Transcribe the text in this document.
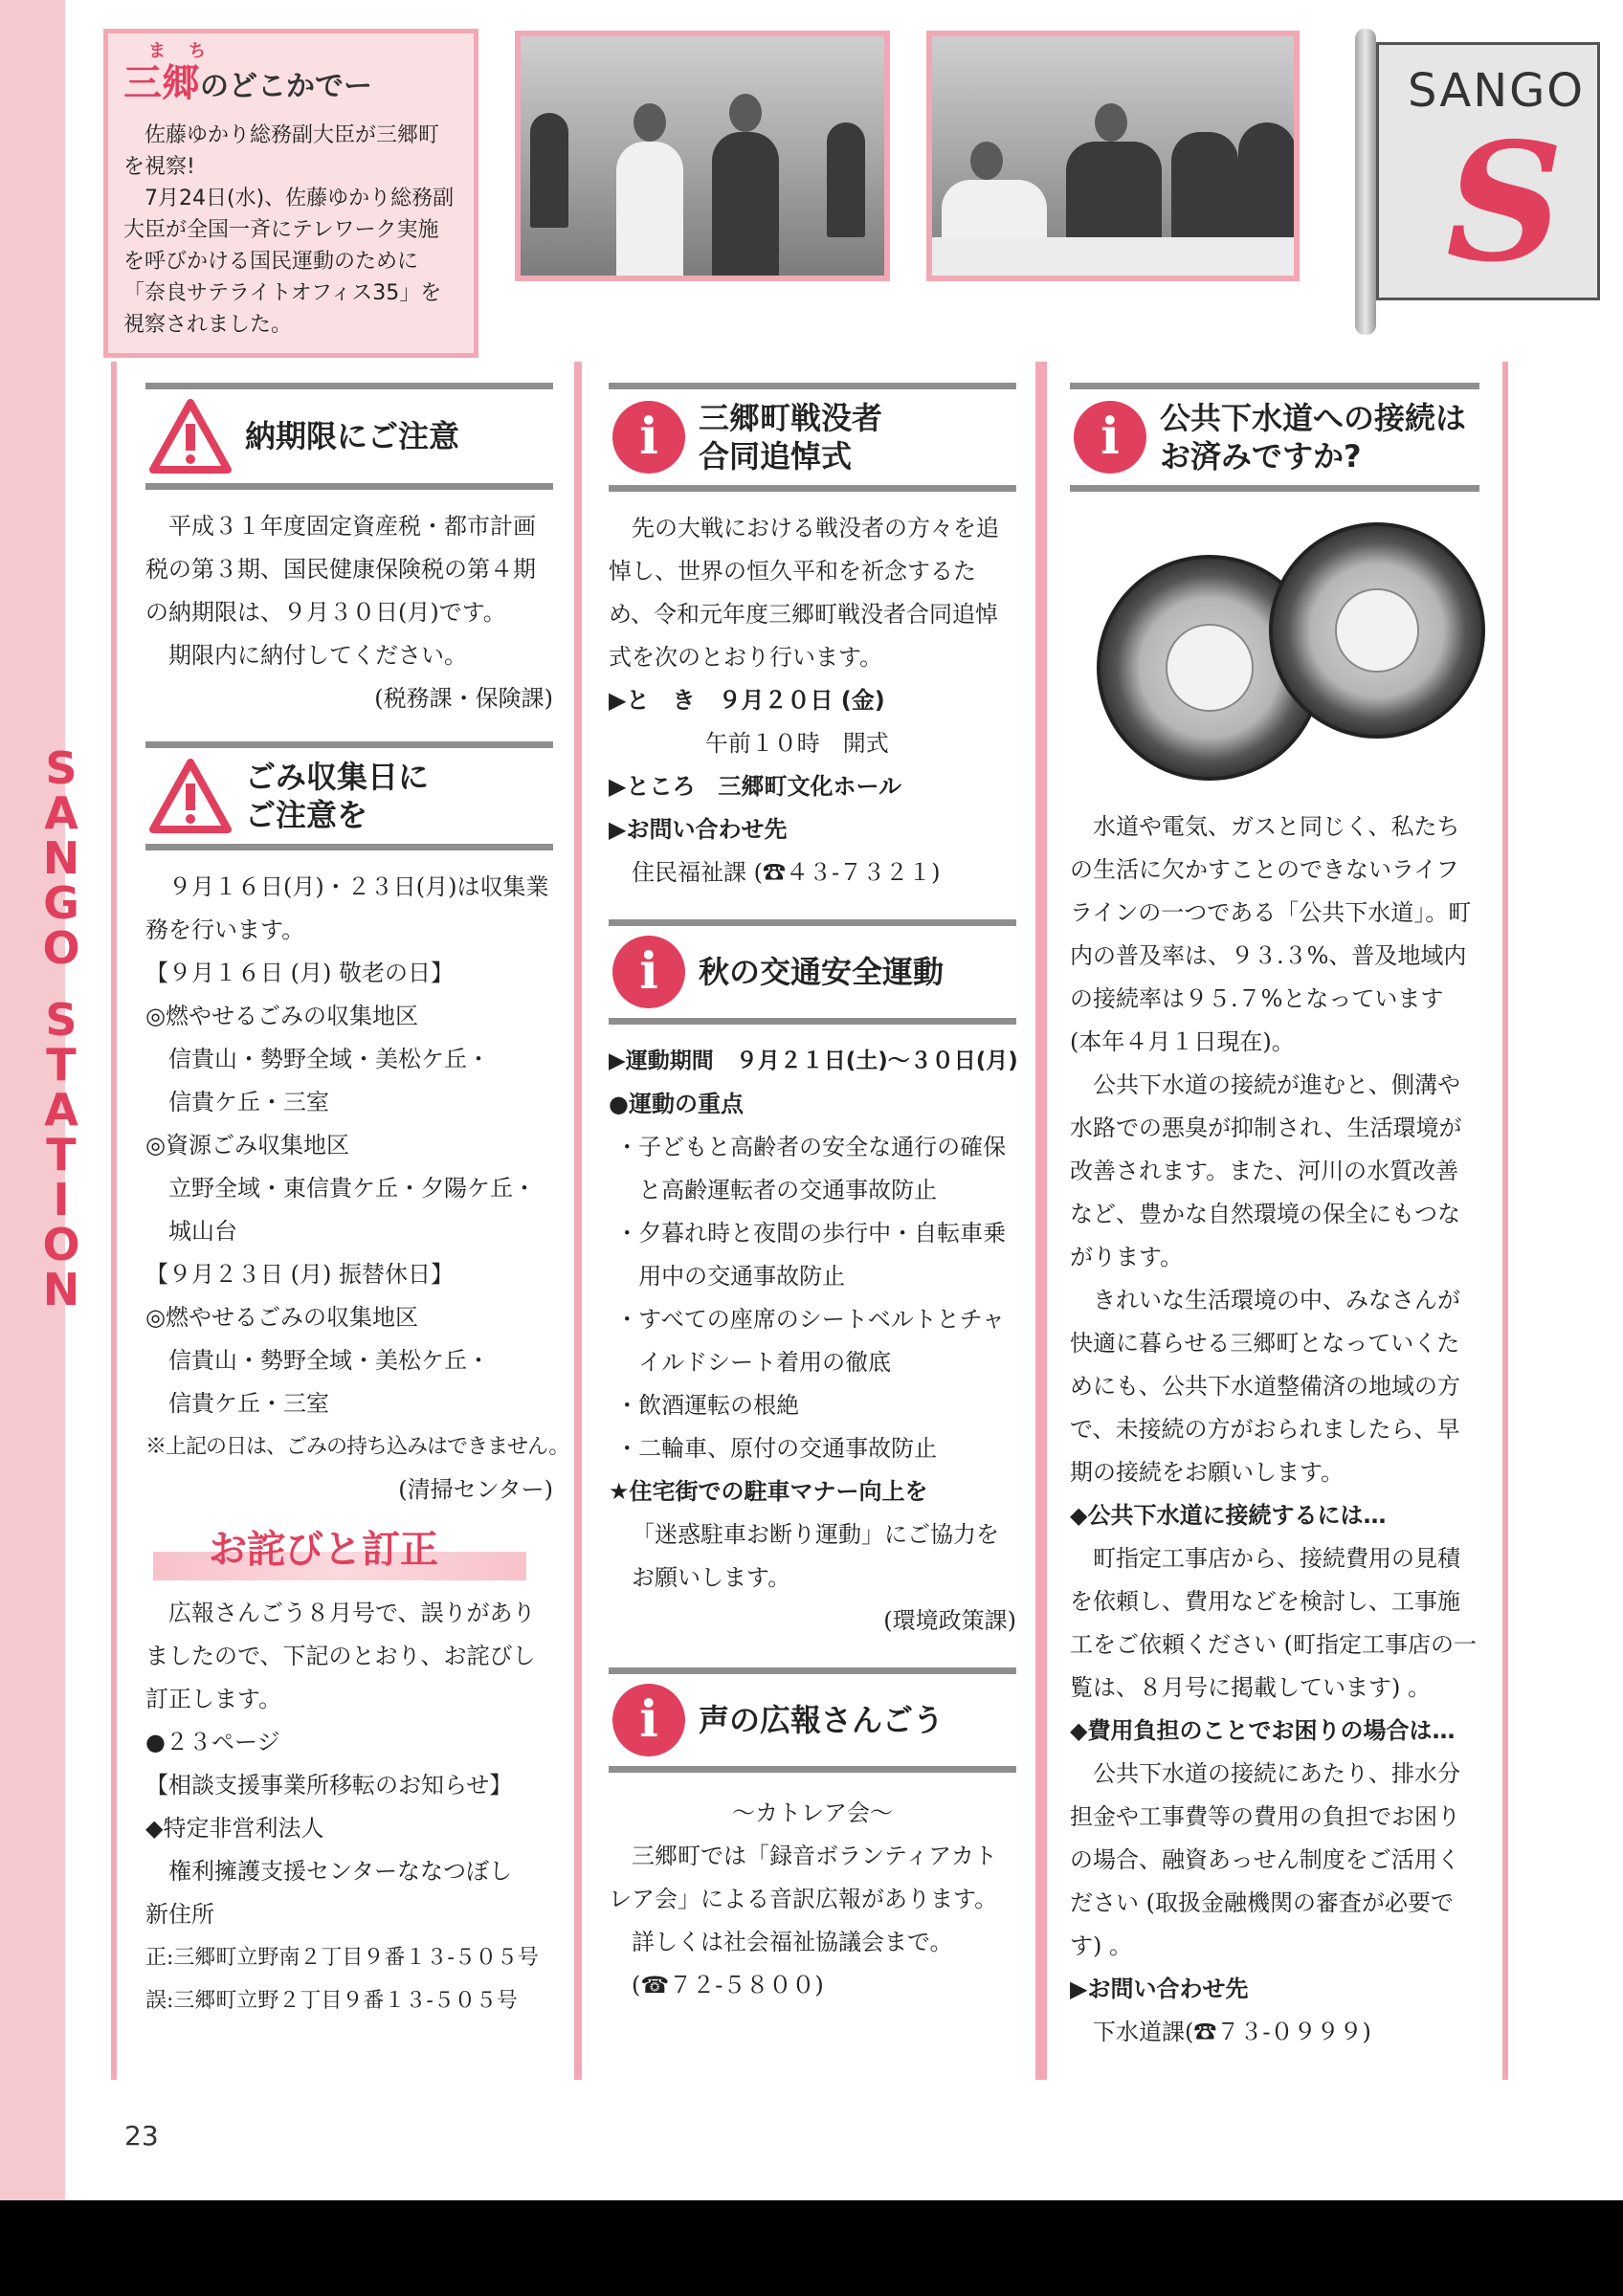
S
A
N
G
O
S
T
A
T
I
O
N
まち
三郷のどこかでー

佐藤ゆかり総務副大臣が三郷町を視察!

7月24日(水)、佐藤ゆかり総務副大臣が全国一斉にテレワーク実施を呼びかける国民運動のために「奈良サテライトオフィス35」を視察されました。

SANGO
S
納期限にご注意
平成３１年度固定資産税・都市計画税の第３期、国民健康保険税の第４期の納期限は、９月３０日(月)です。
期限内に納付してください。
(税務課・保険課)
ごみ収集日に
ご注意を
９月１６日(月)・２３日(月)は収集業務を行います。
【９月１６日 (月) 敬老の日】
◎燃やせるごみの収集地区
信貴山・勢野全域・美松ケ丘・
信貴ケ丘・三室
◎資源ごみ収集地区
立野全域・東信貴ケ丘・夕陽ケ丘・
城山台
【９月２３日 (月) 振替休日】
◎燃やせるごみの収集地区
信貴山・勢野全域・美松ケ丘・
信貴ケ丘・三室
※上記の日は、ごみの持ち込みはできません。
(清掃センター)
お詫びと訂正
広報さんごう８月号で、誤りがありましたので、下記のとおり、お詫びし訂正します。
●２３ページ
【相談支援事業所移転のお知らせ】
◆特定非営利法人
権利擁護支援センターななつぼし
新住所
正:三郷町立野南２丁目９番１３-５０５号
誤:三郷町立野２丁目９番１３-５０５号
i	三郷町戦没者
合同追悼式
先の大戦における戦没者の方々を追悼し、世界の恒久平和を祈念するため、令和元年度三郷町戦没者合同追悼式を次のとおり行います。
▶と　き　９月２０日 (金)
午前１０時　開式
▶ところ　三郷町文化ホール
▶お問い合わせ先
住民福祉課 (☎４３-７３２１)
i	秋の交通安全運動
▶運動期間　９月２１日(土)～３０日(月)
●運動の重点
・子どもと高齢者の安全な通行の確保と高齢運転者の交通事故防止
・夕暮れ時と夜間の歩行中・自転車乗用中の交通事故防止
・すべての座席のシートベルトとチャイルドシート着用の徹底
・飲酒運転の根絶
・二輪車、原付の交通事故防止
★住宅街での駐車マナー向上を
「迷惑駐車お断り運動」にご協力をお願いします。
(環境政策課)
i	声の広報さんごう
～カトレア会～
三郷町では「録音ボランティアカトレア会」による音訳広報があります。
詳しくは社会福祉協議会まで。
(☎７２-５８００)
i	公共下水道への接続は
お済みですか?
水道や電気、ガスと同じく、私たちの生活に欠かすことのできないライフラインの一つである「公共下水道」。町内の普及率は、９３.３%、普及地域内の接続率は９５.７%となっています (本年４月１日現在)。
公共下水道の接続が進むと、側溝や水路での悪臭が抑制され、生活環境が改善されます。また、河川の水質改善など、豊かな自然環境の保全にもつながります。
きれいな生活環境の中、みなさんが快適に暮らせる三郷町となっていくためにも、公共下水道整備済の地域の方で、未接続の方がおられましたら、早期の接続をお願いします。
◆公共下水道に接続するには…
町指定工事店から、接続費用の見積を依頼し、費用などを検討し、工事施工をご依頼ください (町指定工事店の一覧は、８月号に掲載しています) 。
◆費用負担のことでお困りの場合は…
公共下水道の接続にあたり、排水分担金や工事費等の費用の負担でお困りの場合、融資あっせん制度をご活用ください (取扱金融機関の審査が必要です) 。
▶お問い合わせ先
下水道課(☎７３-０９９９)
23
